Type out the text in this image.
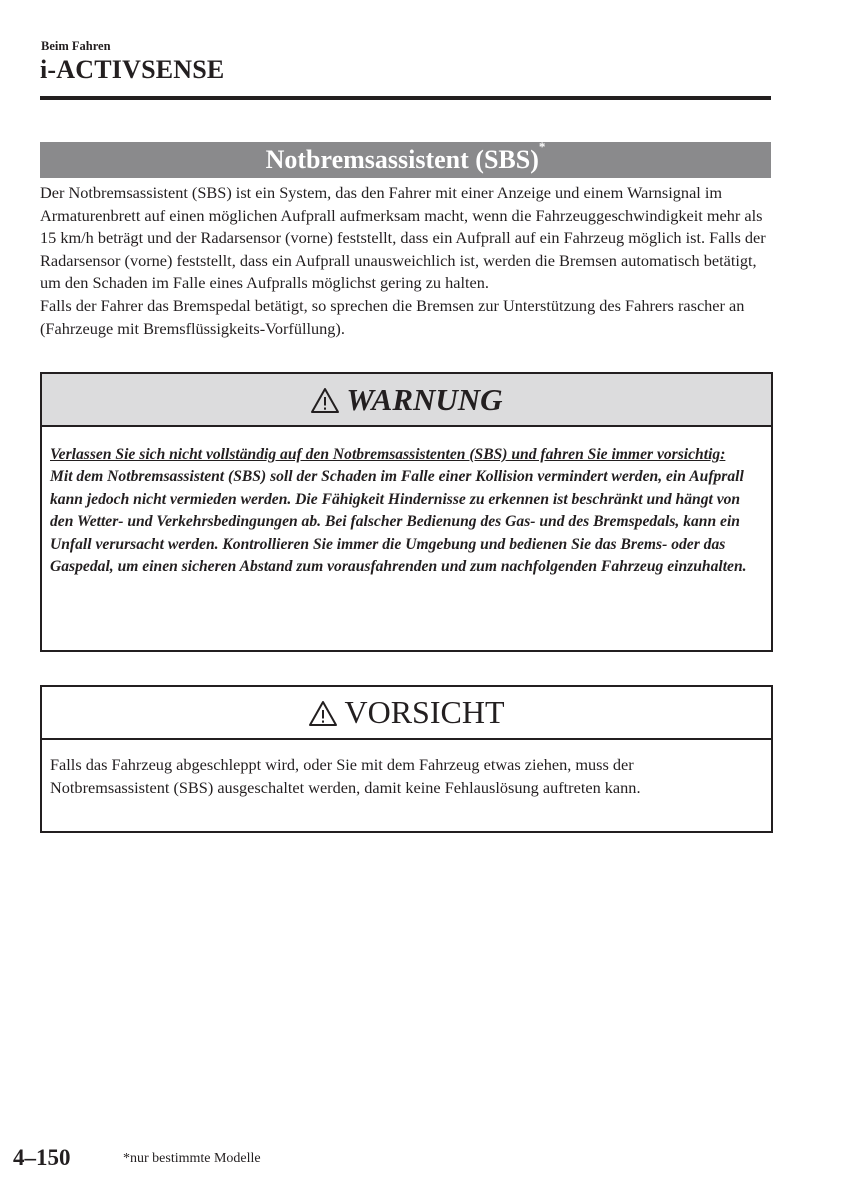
Beim Fahren
i-ACTIVSENSE
Notbremsassistent (SBS)*

Der Notbremsassistent (SBS) ist ein System, das den Fahrer mit einer Anzeige und einem Warnsignal im Armaturenbrett auf einen möglichen Aufprall aufmerksam macht, wenn die Fahrzeuggeschwindigkeit mehr als 15 km/h beträgt und der Radarsensor (vorne) feststellt, dass ein Aufprall auf ein Fahrzeug möglich ist. Falls der Radarsensor (vorne) feststellt, dass ein Aufprall unausweichlich ist, werden die Bremsen automatisch betätigt, um den Schaden im Falle eines Aufpralls möglichst gering zu halten.

Falls der Fahrer das Bremspedal betätigt, so sprechen die Bremsen zur Unterstützung des Fahrers rascher an (Fahrzeuge mit Bremsflüssigkeits-Vorfüllung).

WARNUNG
Verlassen Sie sich nicht vollständig auf den Notbremsassistenten (SBS) und fahren Sie immer vorsichtig:
Mit dem Notbremsassistent (SBS) soll der Schaden im Falle einer Kollision vermindert werden, ein Aufprall kann jedoch nicht vermieden werden. Die Fähigkeit Hindernisse zu erkennen ist beschränkt und hängt von den Wetter- und Verkehrsbedingungen ab. Bei falscher Bedienung des Gas- und des Bremspedals, kann ein Unfall verursacht werden. Kontrollieren Sie immer die Umgebung und bedienen Sie das Brems- oder das Gaspedal, um einen sicheren Abstand zum vorausfahrenden und zum nachfolgenden Fahrzeug einzuhalten.
VORSICHT
Falls das Fahrzeug abgeschleppt wird, oder Sie mit dem Fahrzeug etwas ziehen, muss der Notbremsassistent (SBS) ausgeschaltet werden, damit keine Fehlauslösung auftreten kann.
4–150	*nur bestimmte Modelle
